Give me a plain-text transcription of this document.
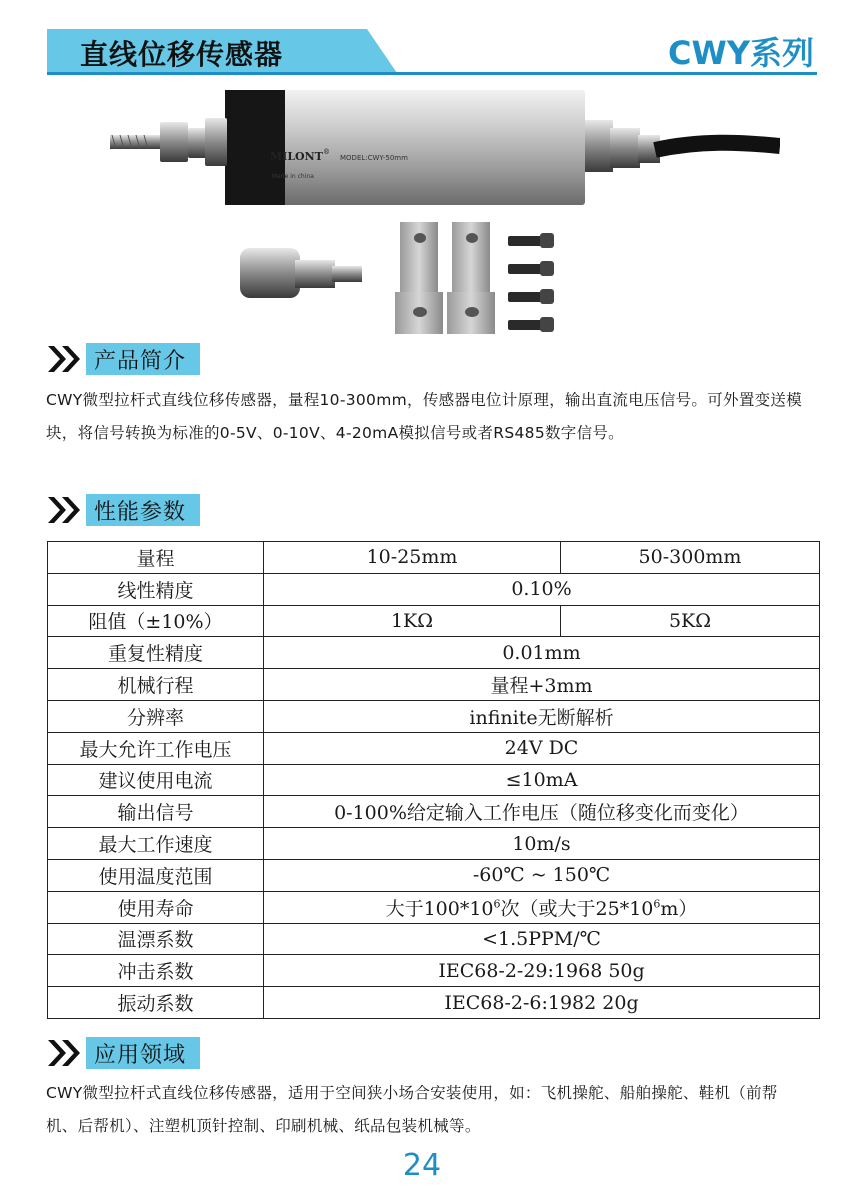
直线位移传感器	CWY系列
MILONT ®
MODEL:CWY-50mm
Made in china
产品简介
CWY微型拉杆式直线位移传感器，量程10-300mm，传感器电位计原理，输出直流电压信号。可外置变送模块，将信号转换为标准的0-5V、0-10V、4-20mA模拟信号或者RS485数字信号。
性能参数
量程	10-25mm	50-300mm
线性精度	0.10%	
阻值（±10%）	1KΩ	5KΩ
重复性精度	0.01mm	
机械行程	量程+3mm	
分辨率	infinite无断解析	
最大允许工作电压	24V DC	
建议使用电流	≤10mA	
输出信号	0-100%给定输入工作电压（随位移变化而变化）	
最大工作速度	10m/s	
使用温度范围	-60℃ ~ 150℃	
使用寿命	大于$100*10^6$次（或大于$25*10^6m$）	
温漂系数	<1.5PPM/℃	
冲击系数	IEC68-2-29:1968 50g	
振动系数	IEC68-2-6:1982 20g	
应用领域
CWY微型拉杆式直线位移传感器，适用于空间狭小场合安装使用，如：飞机操舵、船舶操舵、鞋机（前帮机、后帮机）、注塑机顶针控制、印刷机械、纸品包装机械等。
24
